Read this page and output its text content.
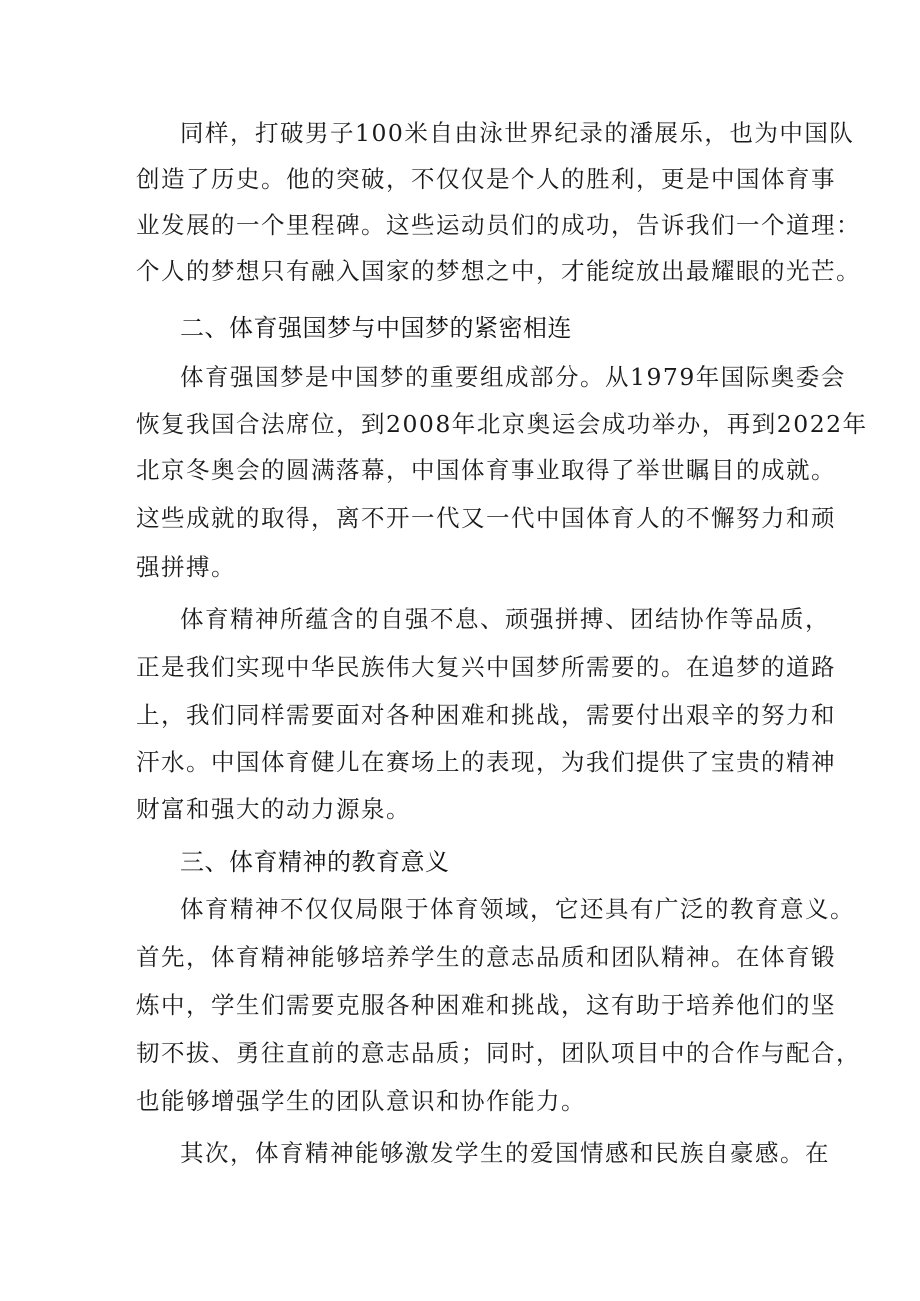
同样，打破男子100米自由泳世界纪录的潘展乐，也为中国队
创造了历史。他的突破，不仅仅是个人的胜利，更是中国体育事
业发展的一个里程碑。这些运动员们的成功，告诉我们一个道理：
个人的梦想只有融入国家的梦想之中，才能绽放出最耀眼的光芒。
二、体育强国梦与中国梦的紧密相连
体育强国梦是中国梦的重要组成部分。从1979年国际奥委会
恢复我国合法席位，到2008年北京奥运会成功举办，再到2022年
北京冬奥会的圆满落幕，中国体育事业取得了举世瞩目的成就。
这些成就的取得，离不开一代又一代中国体育人的不懈努力和顽
强拼搏。
体育精神所蕴含的自强不息、顽强拼搏、团结协作等品质，
正是我们实现中华民族伟大复兴中国梦所需要的。在追梦的道路
上，我们同样需要面对各种困难和挑战，需要付出艰辛的努力和
汗水。中国体育健儿在赛场上的表现，为我们提供了宝贵的精神
财富和强大的动力源泉。
三、体育精神的教育意义
体育精神不仅仅局限于体育领域，它还具有广泛的教育意义。
首先，体育精神能够培养学生的意志品质和团队精神。在体育锻
炼中，学生们需要克服各种困难和挑战，这有助于培养他们的坚
韧不拔、勇往直前的意志品质；同时，团队项目中的合作与配合，
也能够增强学生的团队意识和协作能力。
其次，体育精神能够激发学生的爱国情感和民族自豪感。在
